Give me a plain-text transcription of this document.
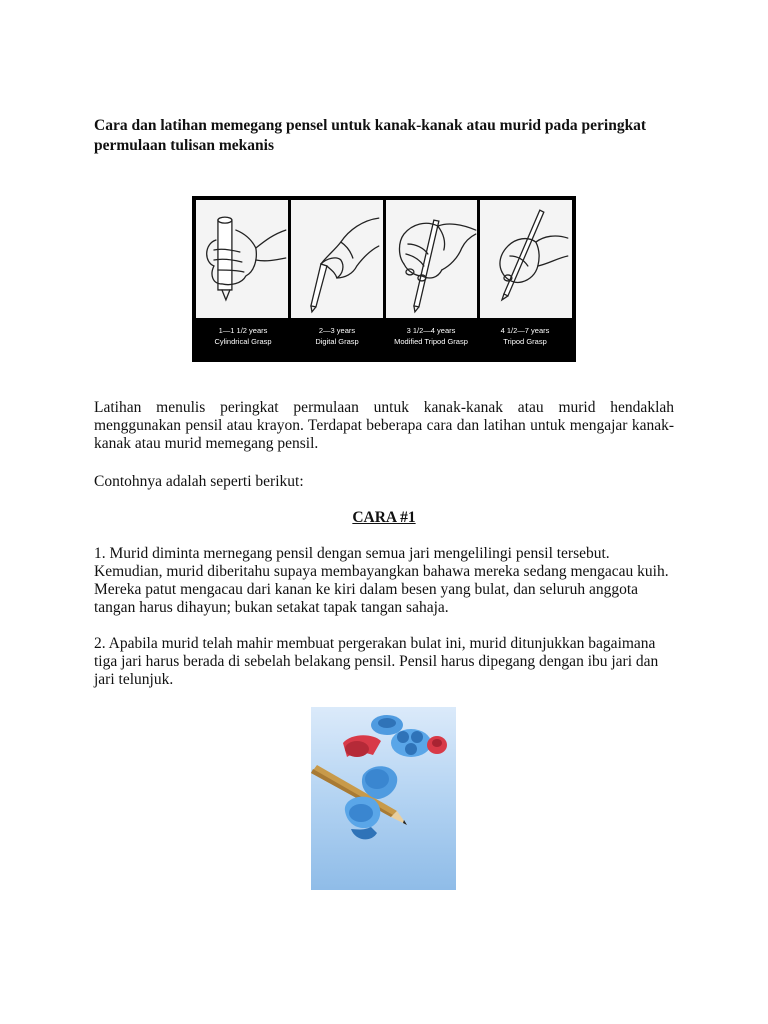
Cara dan latihan memegang pensel untuk kanak-kanak atau murid pada peringkat permulaan tulisan mekanis
1—1 1/2 years
Cylindrical Grasp
2—3 years
Digital Grasp
3 1/2—4 years
Modified Tripod Grasp
4 1/2—7 years
Tripod Grasp

Latihan menulis peringkat permulaan untuk kanak-kanak atau murid hendaklah menggunakan pensil atau krayon. Terdapat beberapa cara dan latihan untuk mengajar kanak-kanak atau murid memegang pensil.

Contohnya adalah seperti berikut:

CARA #1

1. Murid diminta mernegang pensil dengan semua jari mengelilingi pensil tersebut. Kemudian, murid diberitahu supaya membayangkan bahawa mereka sedang mengacau kuih. Mereka patut mengacau dari kanan ke kiri dalam besen yang bulat, dan seluruh anggota tangan harus dihayun; bukan setakat tapak tangan sahaja.

2. Apabila murid telah mahir membuat pergerakan bulat ini, murid ditunjukkan bagaimana tiga jari harus berada di sebelah belakang pensil. Pensil harus dipegang dengan ibu jari dan jari telunjuk.
